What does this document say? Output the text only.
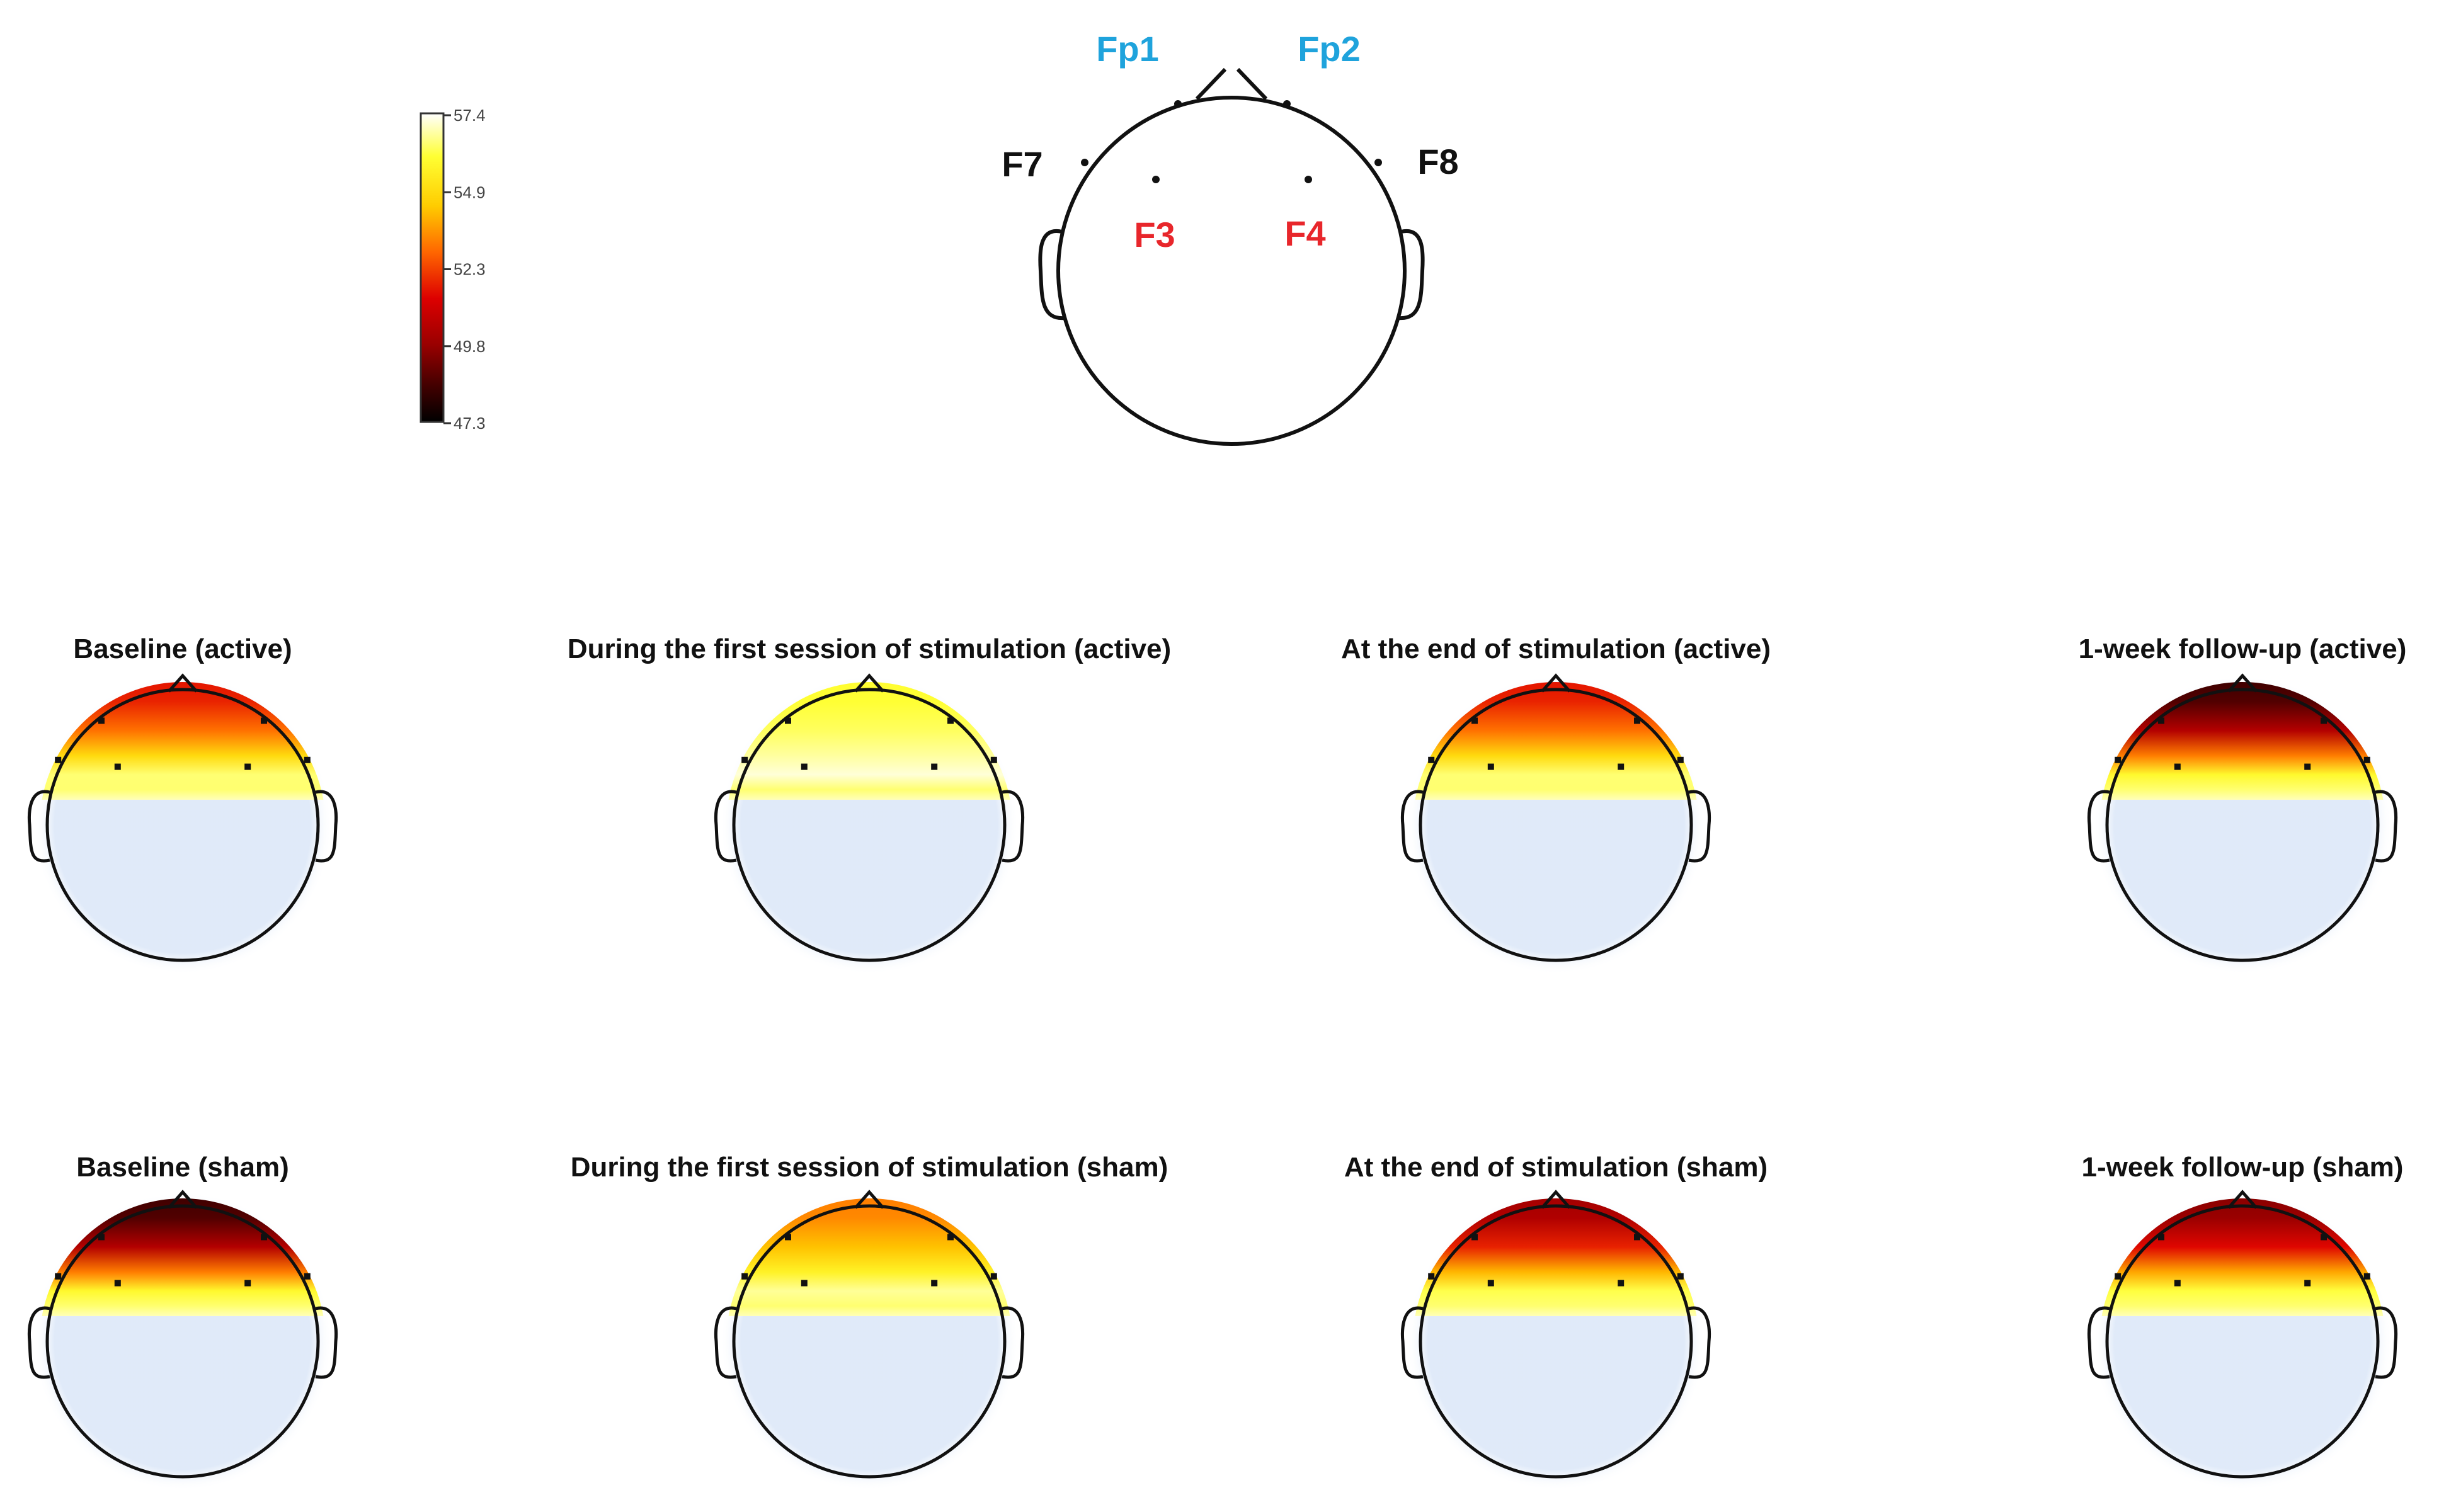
57.4
54.9
52.3
49.8
47.3
Fp1	Fp2
F7	F8
F3	F4
Baseline (active)	During the first session of stimulation (active)	At the end of stimulation (active)	1-week follow-up (active)
Baseline (sham)	During the first session of stimulation (sham)	At the end of stimulation (sham)	1-week follow-up (sham)
